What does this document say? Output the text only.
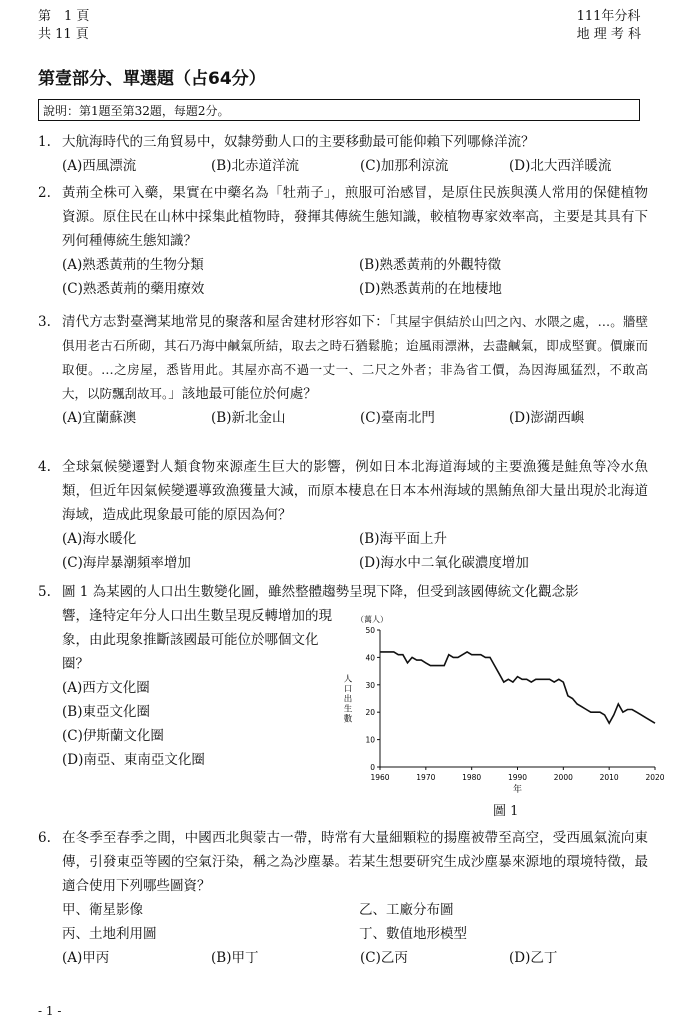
第　1 頁
共 11 頁
111年分科
地 理 考 科
第壹部分、單選題（占64分）
說明：第1題至第32題，每題2分。
1. 大航海時代的三角貿易中，奴隸勞動人口的主要移動最可能仰賴下列哪條洋流？
(A)西風漂流	(B)北赤道洋流	(C)加那利涼流	(D)北大西洋暖流
2. 黃荊全株可入藥，果實在中藥名為「牡荊子」，煎服可治感冒，是原住民族與漢人常用的保健植物資源。原住民在山林中採集此植物時，發揮其傳統生態知識，較植物專家效率高，主要是其具有下列何種傳統生態知識？
(A)熟悉黃荊的生物分類	(B)熟悉黃荊的外觀特徵
(C)熟悉黃荊的藥用療效	(D)熟悉黃荊的在地棲地
3. 清代方志對臺灣某地常見的聚落和屋舍建材形容如下：「其屋宇俱結於山凹之內、水隈之處，…。牆壁俱用老古石所砌，其石乃海中鹹氣所結，取去之時石猶鬆脆；迨風雨漂淋，去盡鹹氣，即成堅實。價廉而取便。…之房屋，悉皆用此。其屋亦高不過一丈一、二尺之外者；非為省工價，為因海風猛烈，不敢高大，以防飄刮故耳。」該地最可能位於何處？
(A)宜蘭蘇澳	(B)新北金山	(C)臺南北門	(D)澎湖西嶼
4. 全球氣候變遷對人類食物來源產生巨大的影響，例如日本北海道海域的主要漁獲是鮭魚等冷水魚類，但近年因氣候變遷導致漁獲量大減，而原本棲息在日本本州海域的黑鮪魚卻大量出現於北海道海域，造成此現象最可能的原因為何？
(A)海水暖化	(B)海平面上升
(C)海岸暴潮頻率增加	(D)海水中二氧化碳濃度增加
5. 圖 1 為某國的人口出生數變化圖，雖然整體趨勢呈現下降，但受到該國傳統文化觀念影
響，逢特定年分人口出生數呈現反轉增加的現象，由此現象推斷該國最可能位於哪個文化圈？
(A)西方文化圈
(B)東亞文化圈
(C)伊斯蘭文化圈
(D)南亞、東南亞文化圈
（萬人）
人
口
出
生
數
0
10
20
30
40
50
1960	1970	1980	1990	2000	2010	2020
年
圖 1
6. 在冬季至春季之間，中國西北與蒙古一帶，時常有大量細顆粒的揚塵被帶至高空，受西風氣流向東傳，引發東亞等國的空氣汙染，稱之為沙塵暴。若某生想要研究生成沙塵暴來源地的環境特徵，最適合使用下列哪些圖資？
甲、衛星影像	乙、工廠分布圖
丙、土地利用圖	丁、數值地形模型
(A)甲丙	(B)甲丁	(C)乙丙	(D)乙丁
- 1 -
